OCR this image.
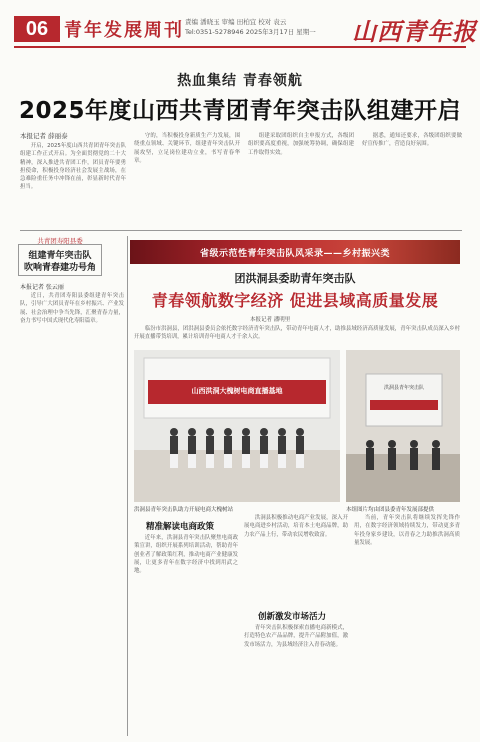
06 青年发展周刊 責编 潘晓玉 审编 田柏宜 校对 袁云
Tel:0351-5278946 2025年3月17日 星期一 山西青年报
热血集结 青春领航
2025年度山西共青团青年突击队组建开启
本报记者 薛丽泰

开启，2025年度山西共青团青年突击队组建工作正式开启。为全面贯彻党的二十大精神，深入推进共青团工作，团员青年要勇担使命，积极投身经济社会发展主战场，在急难险重任务中冲锋在前，彰显新时代青年担当。

守的，当积极投身新质生产力发展，围绕重点领域、关键环节，组建青年突击队开展攻坚，立足岗位建功立业，书写青春华章。

组建采取团组织自主申报方式，各级团组织要高度重视，加强统筹协调，确保组建工作取得实效。

据悉，通知还要求，各级团组织要做好宣传推广，营造良好氛围。

共青团寿阳县委
组建青年突击队
吹响青春建功号角
本报记者 张云丽

近日，共青团寿阳县委组建青年突击队，引导广大团员青年在乡村振兴、产业发展、社会治理中争当先锋，汇聚青春力量，奋力书写中国式现代化寿阳篇章。

省级示范性青年突击队风采录——乡村振兴类
团洪洞县委助青年突击队
青春领航数字经济 促进县域高质量发展
本报记者 潘明里

临汾市洪洞县，团洪洞县委员会依托数字经济青年突击队，带动青年电商人才，助推县域经济高质量发展，青年突击队成员深入乡村开展直播带货培训，累计培训青年电商人才千余人次。

山西洪洞大槐树电商直播基地
洪洞县青年突击队助力开展电商大槐树站
洪洞县青年突击队
本组图片均由团县委青年发展部提供
精准解读电商政策

近年来，洪洞县青年突击队聚焦电商政策宣讲，组织开展系列培训活动，帮助青年创业者了解政策红利，推动电商产业健康发展，让更多青年在数字经济中找到用武之地。

洪洞县积极推动电商产业发展，深入开展电商进乡村活动，培育本土电商品牌，助力农产品上行，带动农民增收致富。

创新激发市场活力

青年突击队积极探索直播电商新模式，打造特色农产品品牌，提升产品附加值，激发市场活力，为县域经济注入青春动能。

当前，青年突击队将继续发挥先锋作用，在数字经济领域持续发力，带动更多青年投身家乡建设，以青春之力助推洪洞高质量发展。
